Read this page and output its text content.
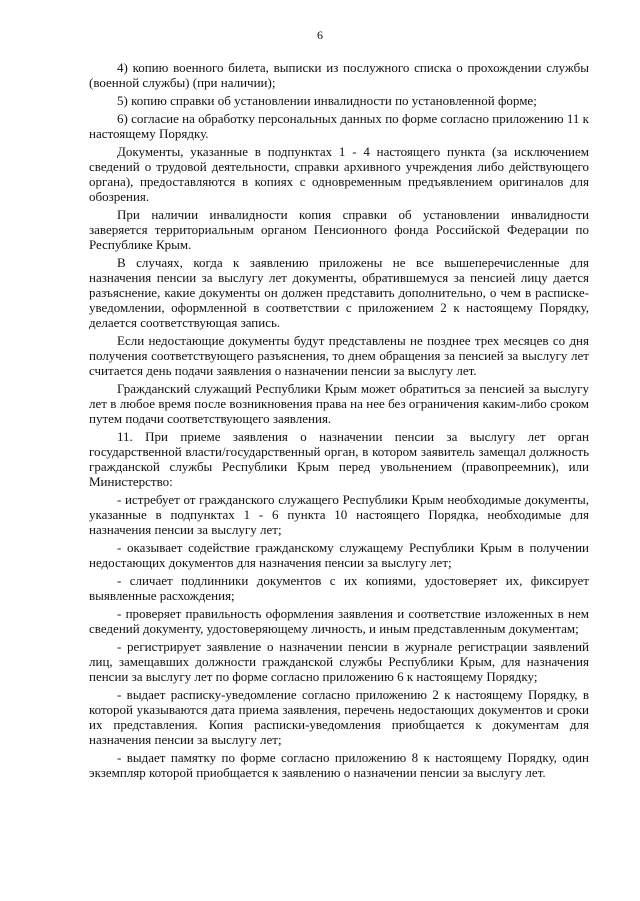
6

4) копию военного билета, выписки из послужного списка о прохождении службы (военной службы) (при наличии);

5) копию справки об установлении инвалидности по установленной форме;

6) согласие на обработку персональных данных по форме согласно приложению 11 к настоящему Порядку.

Документы, указанные в подпунктах 1 - 4 настоящего пункта (за исключением сведений о трудовой деятельности, справки архивного учреждения либо действующего органа), предоставляются в копиях с одновременным предъявлением оригиналов для обозрения.

При наличии инвалидности копия справки об установлении инвалидности заверяется территориальным органом Пенсионного фонда Российской Федерации по Республике Крым.

В случаях, когда к заявлению приложены не все вышеперечисленные для назначения пенсии за выслугу лет документы, обратившемуся за пенсией лицу дается разъяснение, какие документы он должен представить дополнительно, о чем в расписке-уведомлении, оформленной в соответствии с приложением 2 к настоящему Порядку, делается соответствующая запись.

Если недостающие документы будут представлены не позднее трех месяцев со дня получения соответствующего разъяснения, то днем обращения за пенсией за выслугу лет считается день подачи заявления о назначении пенсии за выслугу лет.

Гражданский служащий Республики Крым может обратиться за пенсией за выслугу лет в любое время после возникновения права на нее без ограничения каким-либо сроком путем подачи соответствующего заявления.

11. При приеме заявления о назначении пенсии за выслугу лет орган государственной власти/государственный орган, в котором заявитель замещал должность гражданской службы Республики Крым перед увольнением (правопреемник), или Министерство:

- истребует от гражданского служащего Республики Крым необходимые документы, указанные в подпунктах 1 - 6 пункта 10 настоящего Порядка, необходимые для назначения пенсии за выслугу лет;

- оказывает содействие гражданскому служащему Республики Крым в получении недостающих документов для назначения пенсии за выслугу лет;

- сличает подлинники документов с их копиями, удостоверяет их, фиксирует выявленные расхождения;

- проверяет правильность оформления заявления и соответствие изложенных в нем сведений документу, удостоверяющему личность, и иным представленным документам;

- регистрирует заявление о назначении пенсии в журнале регистрации заявлений лиц, замещавших должности гражданской службы Республики Крым, для назначения пенсии за выслугу лет по форме согласно приложению 6 к настоящему Порядку;

- выдает расписку-уведомление согласно приложению 2 к настоящему Порядку, в которой указываются дата приема заявления, перечень недостающих документов и сроки их представления. Копия расписки-уведомления приобщается к документам для назначения пенсии за выслугу лет;

- выдает памятку по форме согласно приложению 8 к настоящему Порядку, один экземпляр которой приобщается к заявлению о назначении пенсии за выслугу лет.
